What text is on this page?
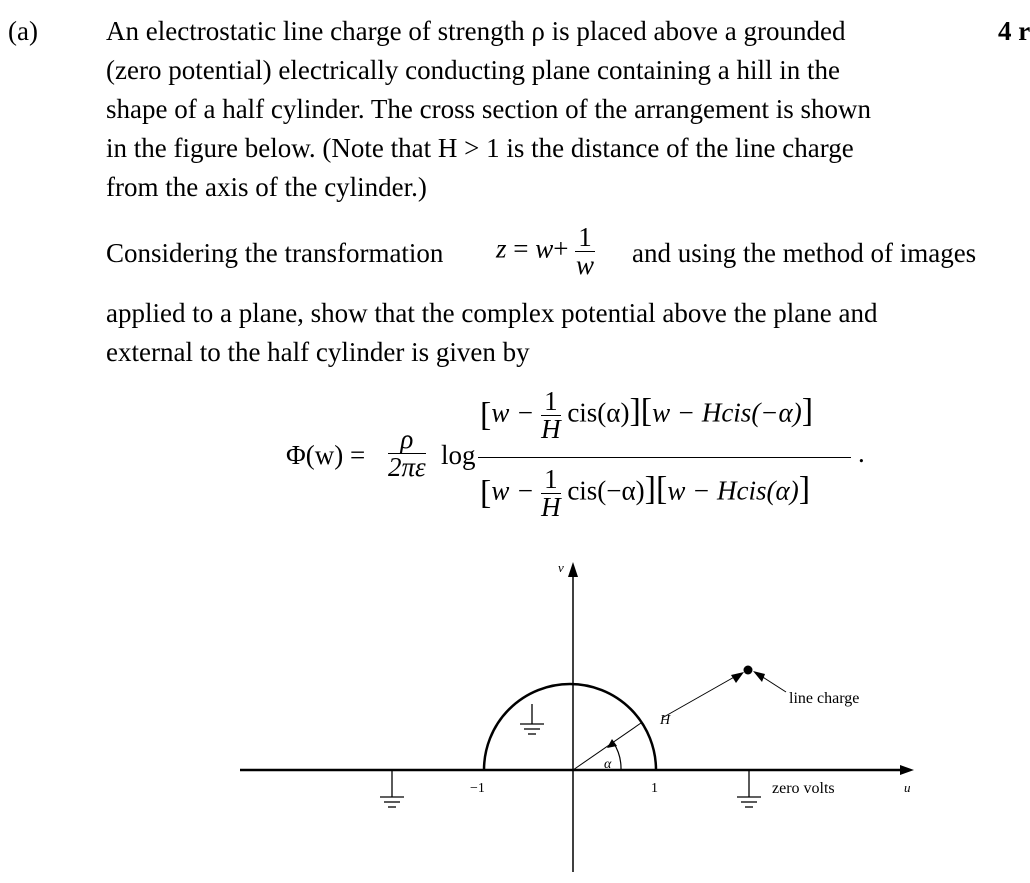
(a)	4 r
An electrostatic line charge of strength ρ is placed above a grounded
(zero potential) electrically conducting plane containing a hill in the
shape of a half cylinder. The cross section of the arrangement is shown
in the figure below. (Note that H > 1 is the distance of the line charge
from the axis of the cylinder.)
Considering the transformation $z = w+ \frac{1}{w}$ and using the method of images
applied to a plane, show that the complex potential above the plane and
external to the half cylinder is given by
$\Phi(w) = \frac{\rho}{2\pi\varepsilon}$ log
$[w - \frac{1}{H} cis(\alpha)][w$ − Hcis(−α)]
$[w - \frac{1}{H} cis(-\alpha)][w$ − Hcis(α)]
.
v
u
−1	1
H
α
line charge
zero volts
